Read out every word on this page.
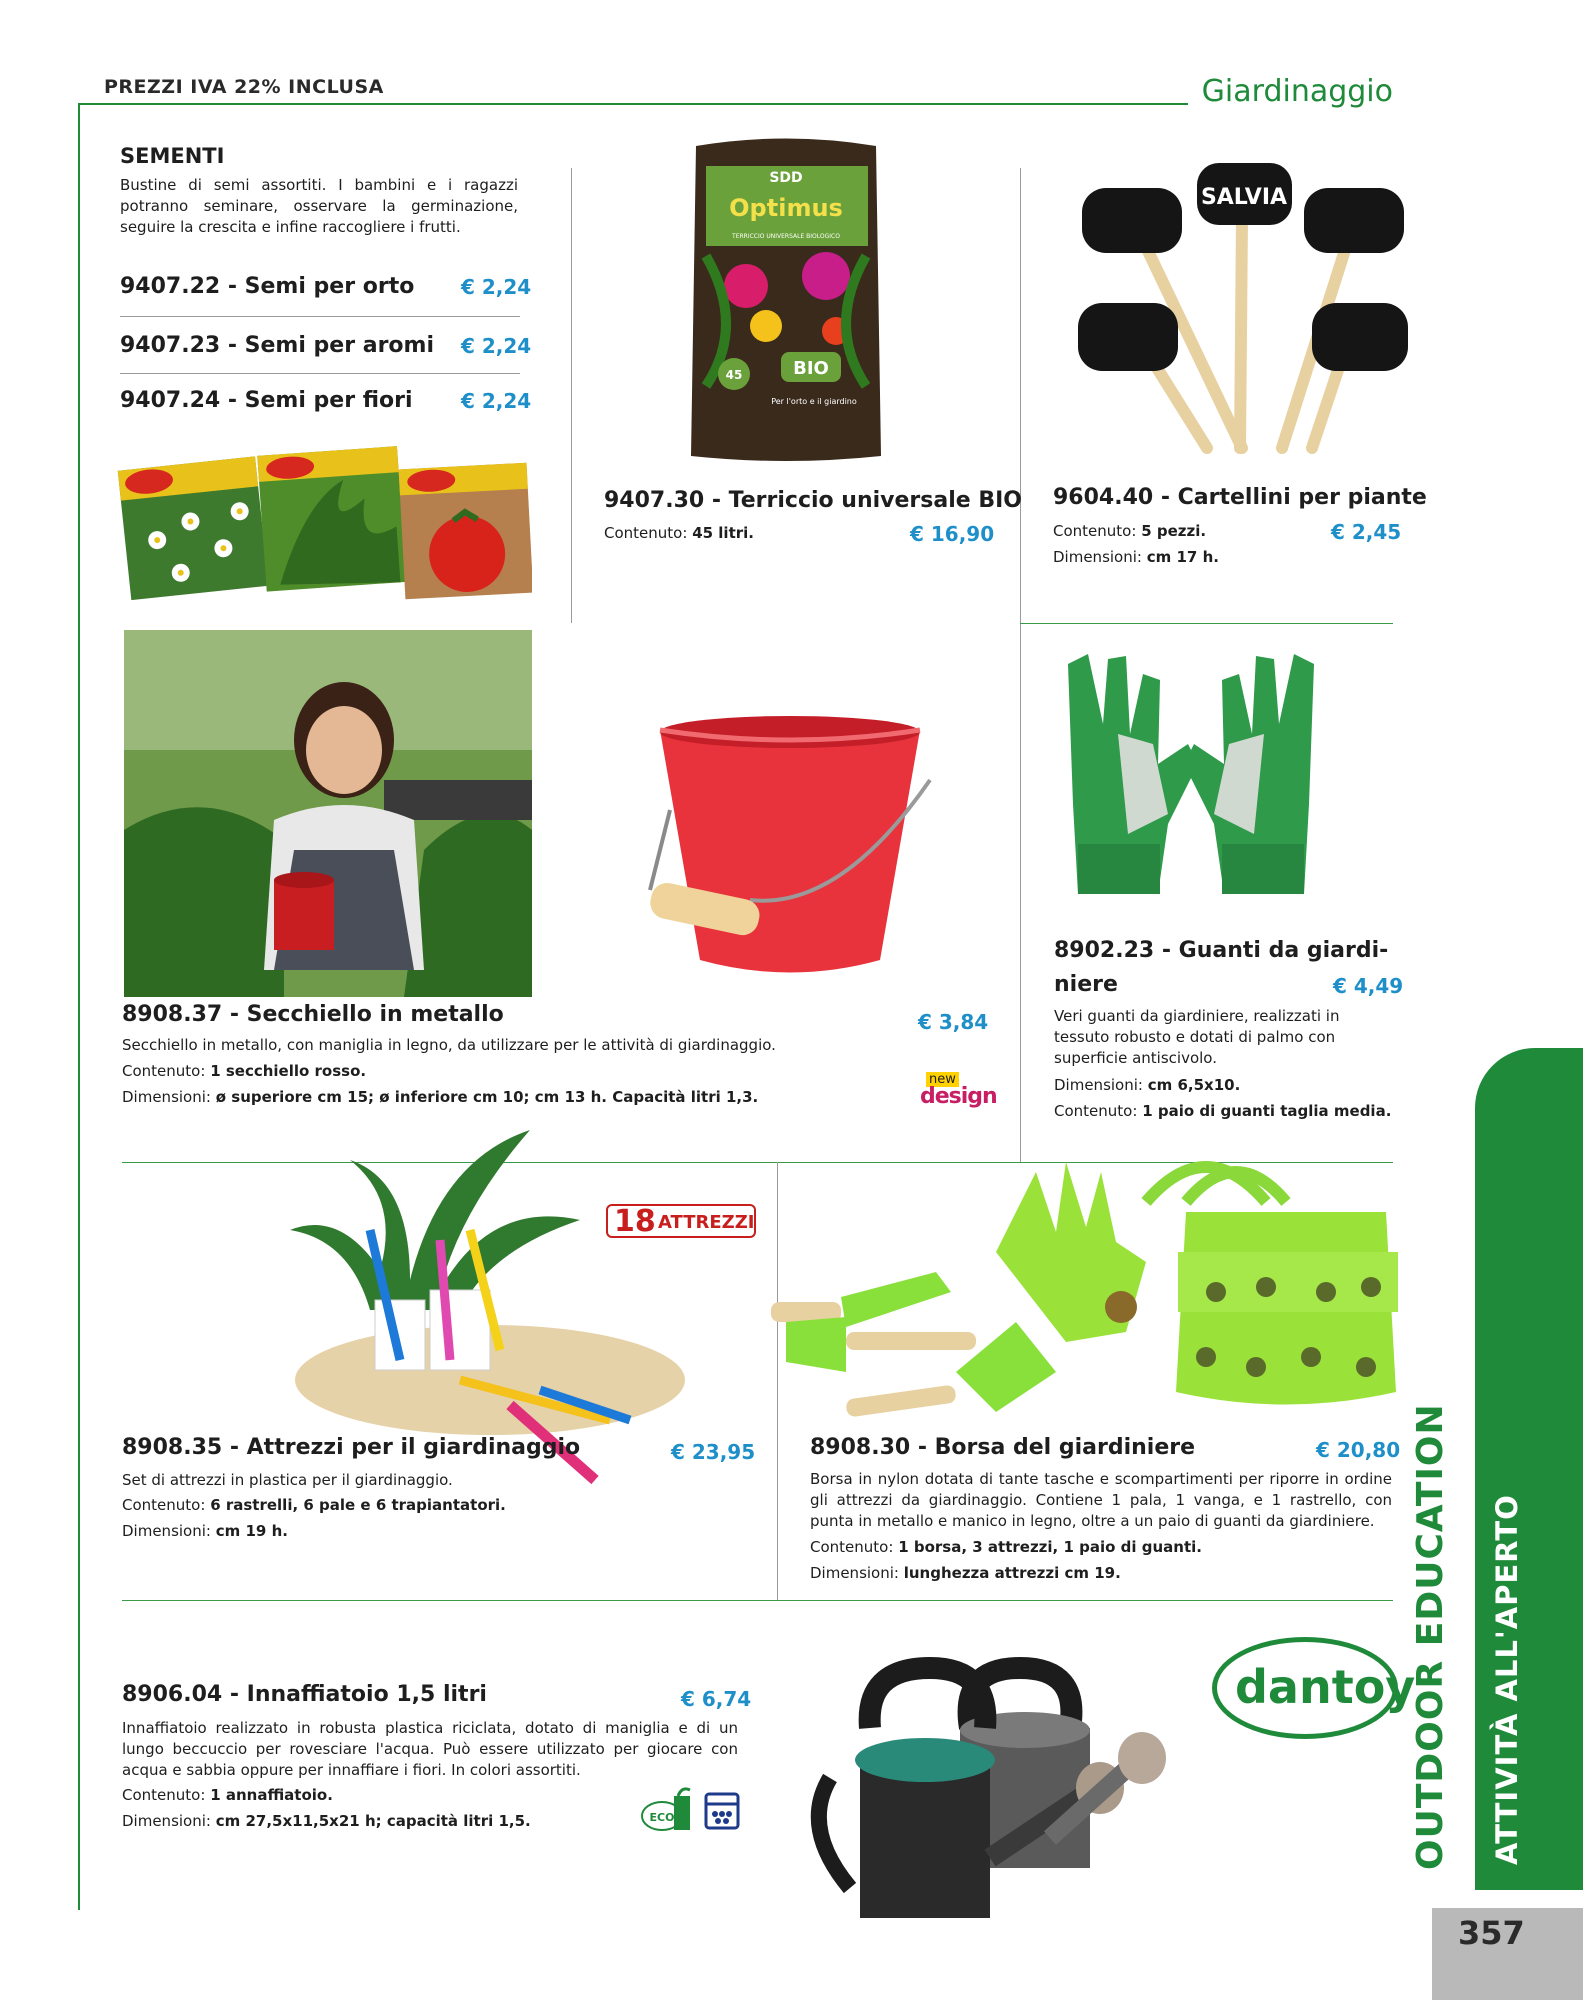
PREZZI IVA 22% INCLUSA	Giardinaggio
SEMENTI
Bustine di semi assortiti. I bambini e i ragazzi potranno seminare, osservare la germinazione, seguire la crescita e infine raccogliere i frutti.
9407.22 - Semi per orto € 2,24
9407.23 - Semi per aromi € 2,24
9407.24 - Semi per fiori € 2,24
SDD
Optimus
TERRICCIO UNIVERSALE BIOLOGICO
45	BIO
Per l'orto e il giardino
9407.30 - Terriccio universale BIO
Contenuto: 45 litri.	€ 16,90
SALVIA
9604.40 - Cartellini per piante
Contenuto: 5 pezzi.
Dimensioni: cm 17 h.
€ 2,45
8908.37 - Secchiello in metallo	€ 3,84
Secchiello in metallo, con maniglia in legno, da utilizzare per le attività di giardinaggio.
Contenuto: 1 secchiello rosso.
Dimensioni: ø superiore cm 15; ø inferiore cm 10; cm 13 h. Capacità litri 1,3.
new
design
8902.23 - Guanti da giardi-
niere	€ 4,49
Veri guanti da giardiniere, realizzati in tessuto robusto e dotati di palmo con superficie antiscivolo.
Dimensioni: cm 6,5x10.
Contenuto: 1 paio di guanti taglia media.
18 ATTREZZI
8908.35 - Attrezzi per il giardinaggio	€ 23,95
Set di attrezzi in plastica per il giardinaggio.
Contenuto: 6 rastrelli, 6 pale e 6 trapiantatori.
Dimensioni: cm 19 h.
8908.30 - Borsa del giardiniere	€ 20,80
Borsa in nylon dotata di tante tasche e scompartimenti per riporre in ordine gli attrezzi da giardinaggio. Contiene 1 pala, 1 vanga, e 1 rastrello, con punta in metallo e manico in legno, oltre a un paio di guanti da giardiniere.
Contenuto: 1 borsa, 3 attrezzi, 1 paio di guanti.
Dimensioni: lunghezza attrezzi cm 19.
8906.04 - Innaffiatoio 1,5 litri	€ 6,74
Innaffiatoio realizzato in robusta plastica riciclata, dotato di maniglia e di un lungo beccuccio per rovesciare l'acqua. Può essere utilizzato per giocare con acqua e sabbia oppure per innaffiare i fiori. In colori assortiti.
Contenuto: 1 annaffiatoio.
Dimensioni: cm 27,5x11,5x21 h; capacità litri 1,5.	ECO
dantoy
OUTDOOR EDUCATION ATTIVITÀ ALL'APERTO
357
